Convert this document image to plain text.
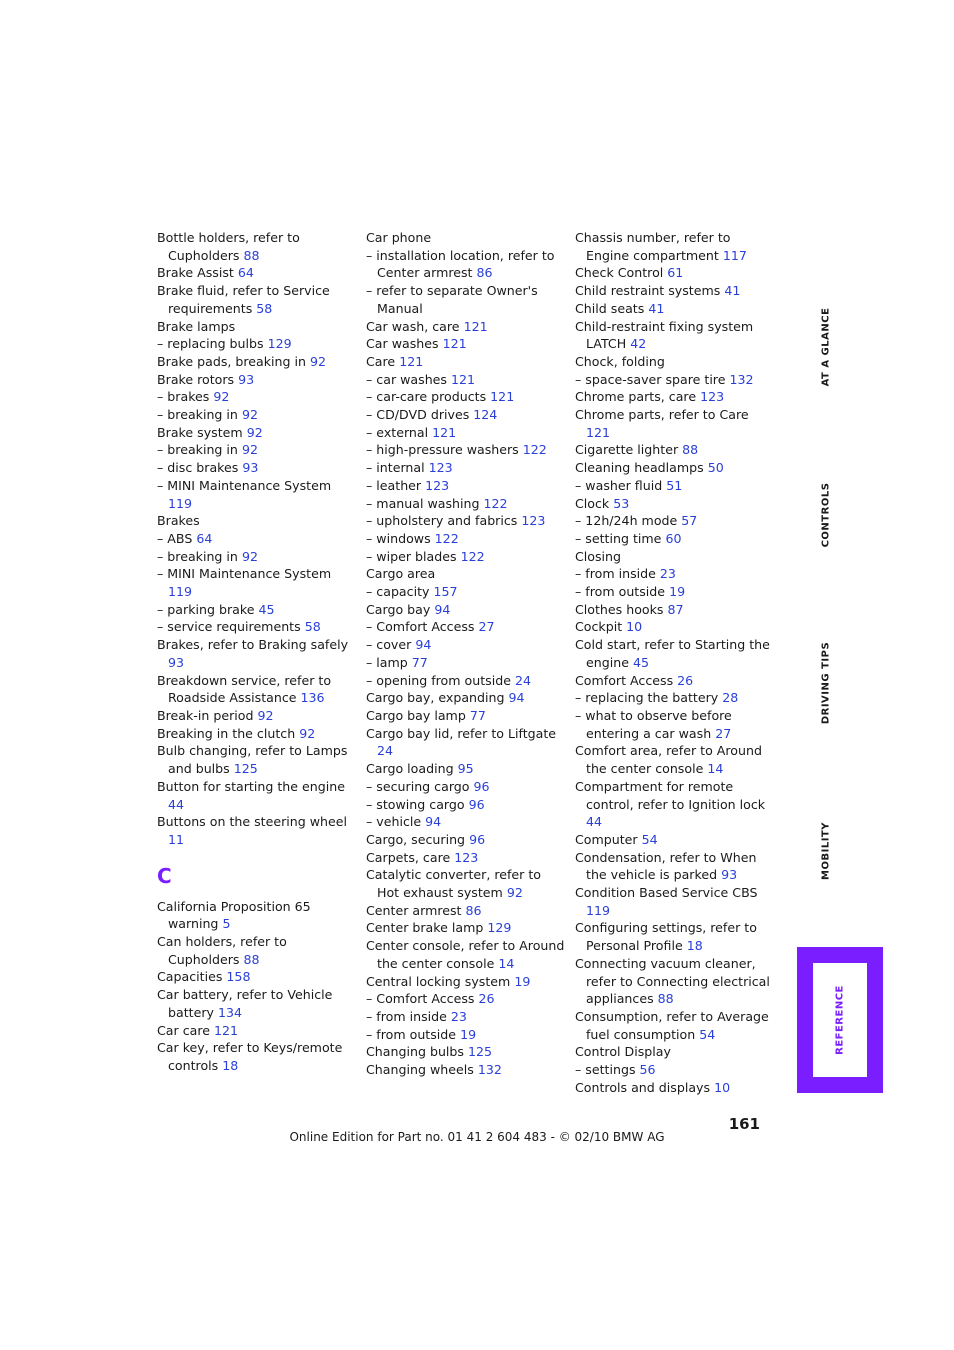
Bottle holders, refer to Cupholders 88
Brake Assist 64
Brake fluid, refer to Service requirements 58
Brake lamps
– replacing bulbs 129
Brake pads, breaking in 92
Brake rotors 93
– brakes 92
– breaking in 92
Brake system 92
– breaking in 92
– disc brakes 93
– MINI Maintenance System 119
Brakes
– ABS 64
– breaking in 92
– MINI Maintenance System 119
– parking brake 45
– service requirements 58
Brakes, refer to Braking safely 93
Breakdown service, refer to Roadside Assistance 136
Break-in period 92
Breaking in the clutch 92
Bulb changing, refer to Lamps and bulbs 125
Button for starting the engine 44
Buttons on the steering wheel 11
C
California Proposition 65 warning 5
Can holders, refer to Cupholders 88
Capacities 158
Car battery, refer to Vehicle battery 134
Car care 121
Car key, refer to Keys/remote controls 18
Car phone
– installation location, refer to Center armrest 86
– refer to separate Owner's Manual
Car wash, care 121
Car washes 121
Care 121
– car washes 121
– car-care products 121
– CD/DVD drives 124
– external 121
– high-pressure washers 122
– internal 123
– leather 123
– manual washing 122
– upholstery and fabrics 123
– windows 122
– wiper blades 122
Cargo area
– capacity 157
Cargo bay 94
– Comfort Access 27
– cover 94
– lamp 77
– opening from outside 24
Cargo bay, expanding 94
Cargo bay lamp 77
Cargo bay lid, refer to Liftgate 24
Cargo loading 95
– securing cargo 96
– stowing cargo 96
– vehicle 94
Cargo, securing 96
Carpets, care 123
Catalytic converter, refer to Hot exhaust system 92
Center armrest 86
Center brake lamp 129
Center console, refer to Around the center console 14
Central locking system 19
– Comfort Access 26
– from inside 23
– from outside 19
Changing bulbs 125
Changing wheels 132
Chassis number, refer to Engine compartment 117
Check Control 61
Child restraint systems 41
Child seats 41
Child-restraint fixing system LATCH 42
Chock, folding
– space-saver spare tire 132
Chrome parts, care 123
Chrome parts, refer to Care 121
Cigarette lighter 88
Cleaning headlamps 50
– washer fluid 51
Clock 53
– 12h/24h mode 57
– setting time 60
Closing
– from inside 23
– from outside 19
Clothes hooks 87
Cockpit 10
Cold start, refer to Starting the engine 45
Comfort Access 26
– replacing the battery 28
– what to observe before entering a car wash 27
Comfort area, refer to Around the center console 14
Compartment for remote control, refer to Ignition lock 44
Computer 54
Condensation, refer to When the vehicle is parked 93
Condition Based Service CBS 119
Configuring settings, refer to Personal Profile 18
Connecting vacuum cleaner, refer to Connecting electrical appliances 88
Consumption, refer to Average fuel consumption 54
Control Display
– settings 56
Controls and displays 10
AT A GLANCE
CONTROLS
DRIVING TIPS
MOBILITY
REFERENCE
161
Online Edition for Part no. 01 41 2 604 483 - © 02/10 BMW AG
